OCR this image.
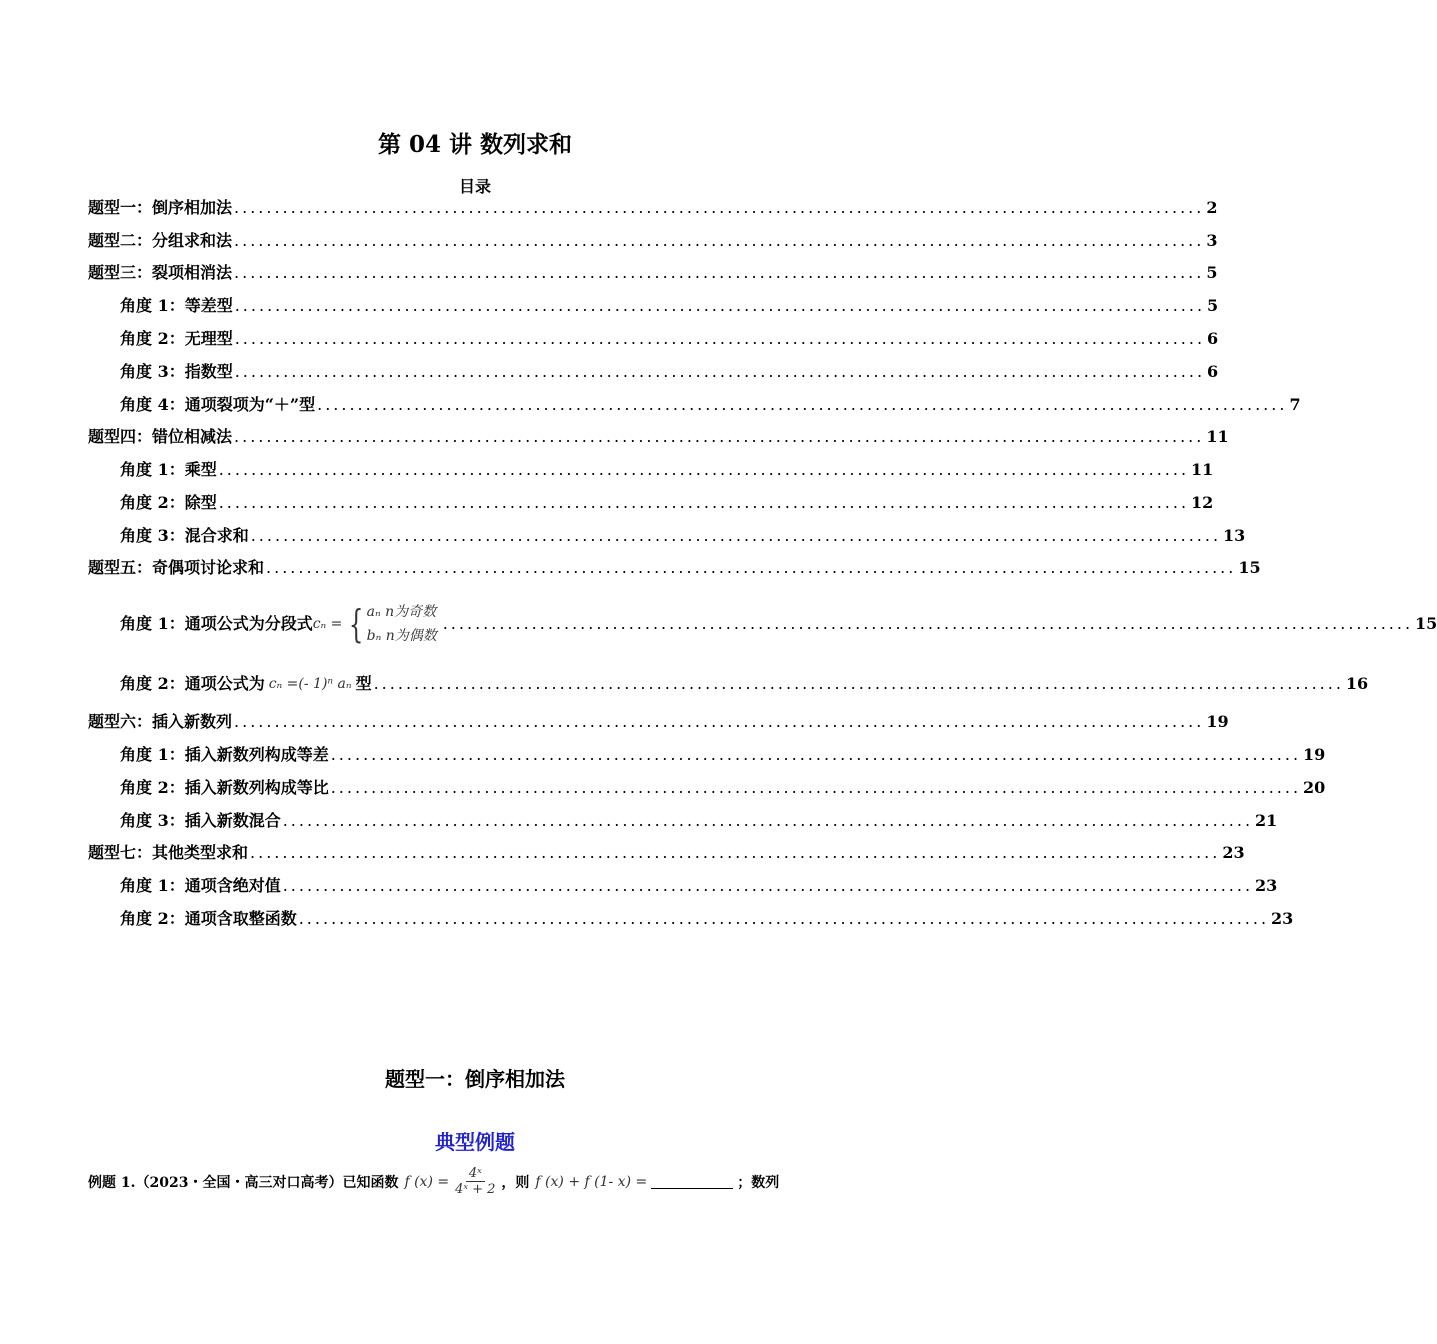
第 04 讲 数列求和
目录
题型一：倒序相加法 ........................................................................................................................ 2
题型二：分组求和法 ........................................................................................................................ 3
题型三：裂项相消法 ........................................................................................................................ 5
角度 1：等差型 ........................................................................................................................ 5
角度 2：无理型 ........................................................................................................................ 6
角度 3：指数型 ........................................................................................................................ 6
角度 4：通项裂项为“＋”型 ........................................................................................................................ 7
题型四：错位相减法 ........................................................................................................................ 11
角度 1：乘型 ........................................................................................................................ 11
角度 2：除型 ........................................................................................................................ 12
角度 3：混合求和 ........................................................................................................................ 13
题型五：奇偶项讨论求和 ........................................................................................................................ 15
角度 1：通项公式为分段式 cₙ = { aₙ n为奇数
bₙ n为偶数
........................................................................................................................ 15
角度 2：通项公式为 cₙ =(- 1)ⁿ aₙ 型 ........................................................................................................................ 16
题型六：插入新数列 ........................................................................................................................ 19
角度 1：插入新数列构成等差 ........................................................................................................................ 19
角度 2：插入新数列构成等比 ........................................................................................................................ 20
角度 3：插入新数混合 ........................................................................................................................ 21
题型七：其他类型求和 ........................................................................................................................ 23
角度 1：通项含绝对值 ........................................................................................................................ 23
角度 2：通项含取整函数 ........................................................................................................................ 23
题型一：倒序相加法
典型例题
例题 1.（2023・全国・高三对口高考）已知函数 f $(x) = \frac{\text{4ˣ}}{\text{4ˣ + 2}}$ ，则 f (x) + f (1- x) =	；数列
